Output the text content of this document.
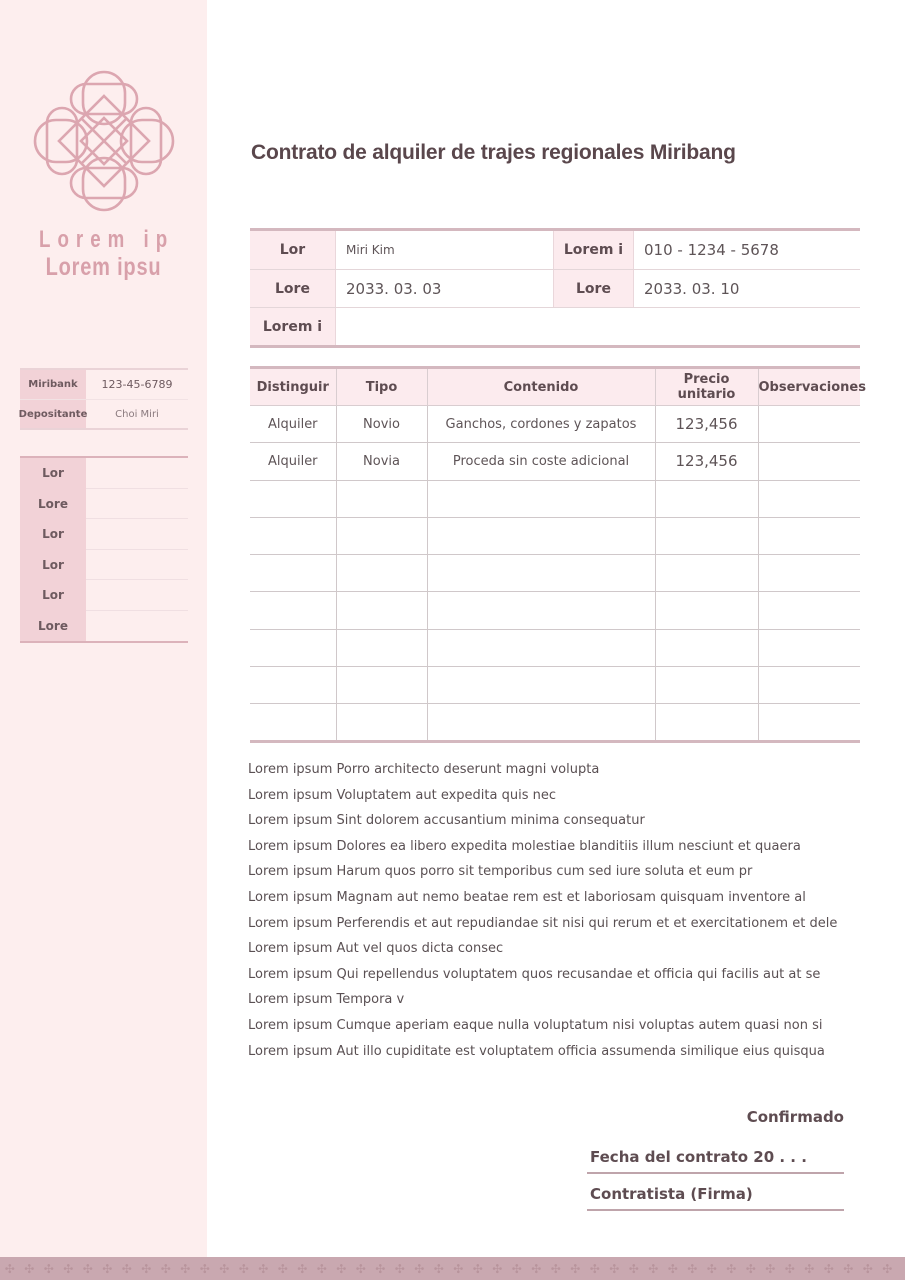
Lorem ip
Lorem ipsu
Miribank	123-45-6789
Depositante	Choi Miri
Lor
Lore
Lor
Lor
Lor
Lore
Contrato de alquiler de trajes regionales Miribang
Lor	Miri Kim	Lorem i	010 - 1234 - 5678
Lore	2033. 03. 03	Lore	2033. 03. 10
Lorem i
Distinguir	Tipo	Contenido	Precio unitario	Observaciones
Alquiler	Novio	Ganchos, cordones y zapatos	123,456	
Alquiler	Novia	Proceda sin coste adicional	123,456	

Lorem ipsum Porro architecto deserunt magni volupta

Lorem ipsum Voluptatem aut expedita quis nec

Lorem ipsum Sint dolorem accusantium minima consequatur

Lorem ipsum Dolores ea libero expedita molestiae blanditiis illum nesciunt et quaera

Lorem ipsum Harum quos porro sit temporibus cum sed iure soluta et eum pr

Lorem ipsum Magnam aut nemo beatae rem est et laboriosam quisquam inventore al

Lorem ipsum Perferendis et aut repudiandae sit nisi qui rerum et et exercitationem et dele

Lorem ipsum Aut vel quos dicta consec

Lorem ipsum Qui repellendus voluptatem quos recusandae et officia qui facilis aut at se

Lorem ipsum Tempora v

Lorem ipsum Cumque aperiam eaque nulla voluptatum nisi voluptas autem quasi non si

Lorem ipsum Aut illo cupiditate est voluptatem officia assumenda similique eius quisqua

Confirmado
Fecha del contrato 20 . . .
Contratista (Firma)
✣ ✣ ✣ ✣ ✣ ✣ ✣ ✣ ✣ ✣ ✣ ✣ ✣ ✣ ✣ ✣ ✣ ✣ ✣ ✣ ✣ ✣ ✣ ✣ ✣ ✣ ✣ ✣ ✣ ✣ ✣ ✣ ✣ ✣ ✣ ✣ ✣ ✣ ✣ ✣ ✣ ✣ ✣ ✣ ✣ ✣
